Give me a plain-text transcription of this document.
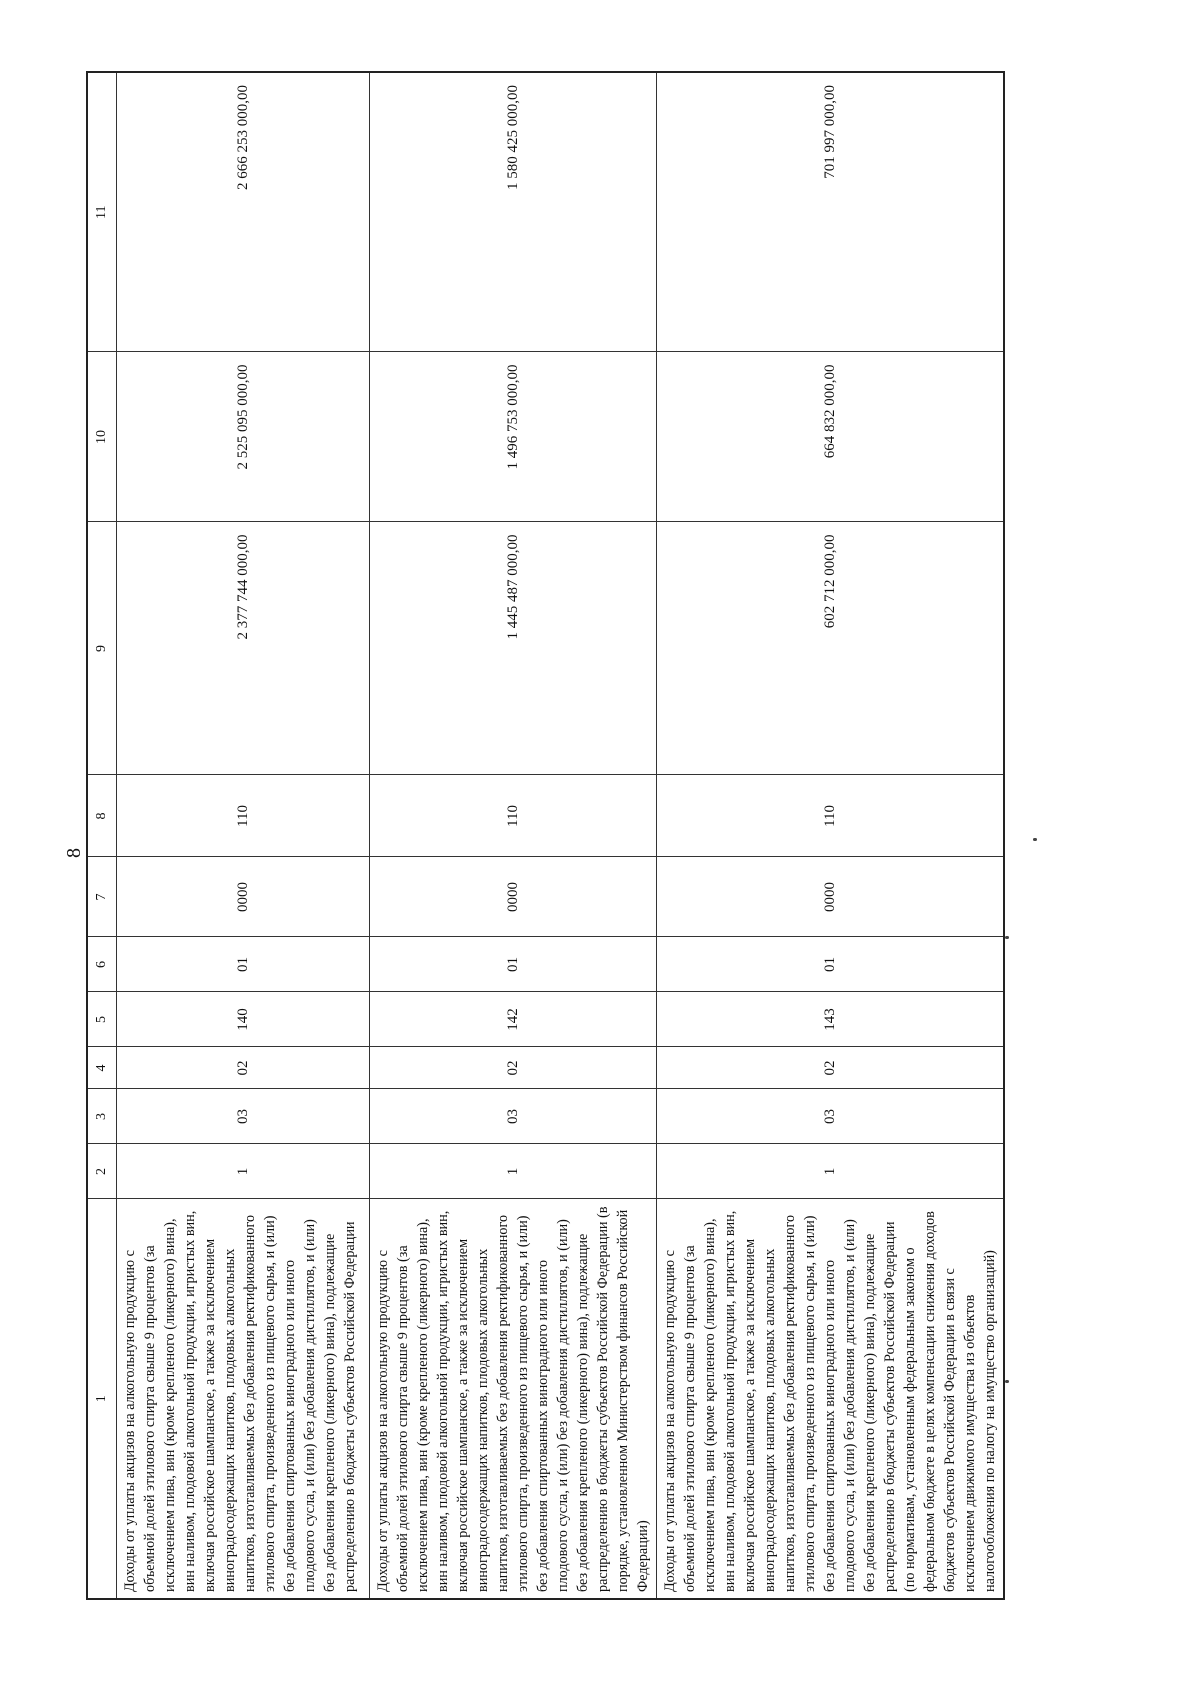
8
1	2	3	4	5	6	7	8	9	10	11
Доходы от уплаты акцизов на алкогольную продукцию с объемной долей этилового спирта свыше 9 процентов (за исключением пива, вин (кроме крепленого (ликерного) вина), вин наливом, плодовой алкогольной продукции, игристых вин, включая российское шампанское, а также за исключением виноградосодержащих напитков, плодовых алкогольных напитков, изготавливаемых без добавления ректификованного этилового спирта, произведенного из пищевого сырья, и (или) без добавления спиртованных виноградного или иного плодового сусла, и (или) без добавления дистиллятов, и (или) без добавления крепленого (ликерного) вина), подлежащие распределению в бюджеты субъектов Российской Федерации	1	03	02	140	01	0000	110	2 377 744 000,00	2 525 095 000,00	2 666 253 000,00
Доходы от уплаты акцизов на алкогольную продукцию с объемной долей этилового спирта свыше 9 процентов (за исключением пива, вин (кроме крепленого (ликерного) вина), вин наливом, плодовой алкогольной продукции, игристых вин, включая российское шампанское, а также за исключением виноградосодержащих напитков, плодовых алкогольных напитков, изготавливаемых без добавления ректификованного этилового спирта, произведенного из пищевого сырья, и (или) без добавления спиртованных виноградного или иного плодового сусла, и (или) без добавления дистиллятов, и (или) без добавления крепленого (ликерного) вина), подлежащие распределению в бюджеты субъектов Российской Федерации (в порядке, установленном Министерством финансов Российской Федерации)	1	03	02	142	01	0000	110	1 445 487 000,00	1 496 753 000,00	1 580 425 000,00
Доходы от уплаты акцизов на алкогольную продукцию с объемной долей этилового спирта свыше 9 процентов (за исключением пива, вин (кроме крепленого (ликерного) вина), вин наливом, плодовой алкогольной продукции, игристых вин, включая российское шампанское, а также за исключением виноградосодержащих напитков, плодовых алкогольных напитков, изготавливаемых без добавления ректификованного этилового спирта, произведенного из пищевого сырья, и (или) без добавления спиртованных виноградного или иного плодового сусла, и (или) без добавления дистиллятов, и (или) без добавления крепленого (ликерного) вина), подлежащие распределению в бюджеты субъектов Российской Федерации (по нормативам, установленным федеральным законом о федеральном бюджете в целях компенсации снижения доходов бюджетов субъектов Российской Федерации в связи с исключением движимого имущества из объектов налогообложения по налогу на имущество организаций)	1	03	02	143	01	0000	110	602 712 000,00	664 832 000,00	701 997 000,00
